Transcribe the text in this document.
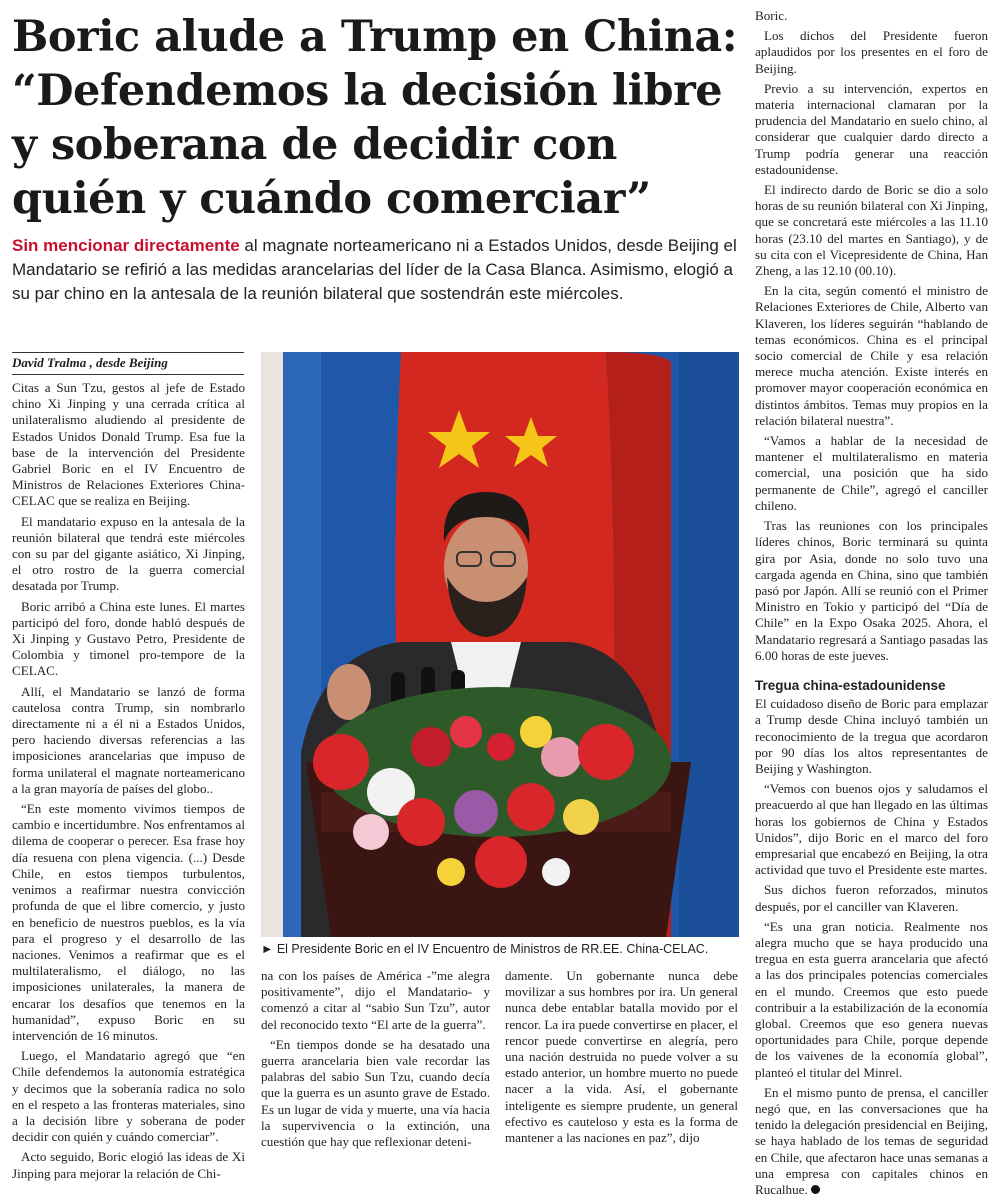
Boric alude a Trump en China: “Defendemos la decisión libre y soberana de decidir con quién y cuándo comerciar”

Sin mencionar directamente al magnate norteamericano ni a Estados Unidos, desde Beijing el Mandatario se refirió a las medidas arancelarias del líder de la Casa Blanca. Asimismo, elogió a su par chino en la antesala de la reunión bilateral que sostendrán este miércoles.

David Tralma , desde Beijing

Citas a Sun Tzu, gestos al jefe de Estado chino Xi Jinping y una cerrada crítica al unilateralismo aludiendo al presidente de Estados Unidos Donald Trump. Esa fue la base de la intervención del Presidente Gabriel Boric en el IV Encuentro de Ministros de Relaciones Exteriores China-CELAC que se realiza en Beijing.

El mandatario expuso en la antesala de la reunión bilateral que tendrá este miércoles con su par del gigante asiático, Xi Jinping, el otro rostro de la guerra comercial desatada por Trump.

Boric arribó a China este lunes. El martes participó del foro, donde habló después de Xi Jinping y Gustavo Petro, Presidente de Colombia y timonel pro-tempore de la CELAC.

Allí, el Mandatario se lanzó de forma cautelosa contra Trump, sin nombrarlo directamente ni a él ni a Estados Unidos, pero haciendo diversas referencias a las imposiciones arancelarias que impuso de forma unilateral el magnate norteamericano a la gran mayoría de países del globo..

“En este momento vivimos tiempos de cambio e incertidumbre. Nos enfrentamos al dilema de cooperar o perecer. Esa frase hoy día resuena con plena vigencia. (...) Desde Chile, en estos tiempos turbulentos, venimos a reafirmar nuestra convicción profunda de que el libre comercio, y justo en beneficio de nuestros pueblos, es la vía para el progreso y el desarrollo de las naciones. Venimos a reafirmar que es el multilateralismo, el diálogo, no las imposiciones unilaterales, la manera de encarar los desafíos que tenemos en la humanidad”, expuso Boric en su intervención de 16 minutos.

Luego, el Mandatario agregó que “en Chile defendemos la autonomía estratégica y decimos que la soberanía radica no solo en el respeto a las fronteras materiales, sino a la decisión libre y soberana de poder decidir con quién y cuándo comerciar”.

Acto seguido, Boric elogió las ideas de Xi Jinping para mejorar la relación de Chi-

► El Presidente Boric en el IV Encuentro de Ministros de RR.EE. China-CELAC.

na con los países de América -”me alegra positivamente”, dijo el Mandatario- y comenzó a citar al “sabio Sun Tzu”, autor del reconocido texto “El arte de la guerra”.

“En tiempos donde se ha desatado una guerra arancelaria bien vale recordar las palabras del sabio Sun Tzu, cuando decía que la guerra es un asunto grave de Estado. Es un lugar de vida y muerte, una vía hacia la supervivencia o la extinción, una cuestión que hay que reflexionar deteni-

damente. Un gobernante nunca debe movilizar a sus hombres por ira. Un general nunca debe entablar batalla movido por el rencor. La ira puede convertirse en placer, el rencor puede convertirse en alegría, pero una nación destruida no puede volver a su estado anterior, un hombre muerto no puede nacer a la vida. Así, el gobernante inteligente es siempre prudente, un general efectivo es cauteloso y esta es la forma de mantener a las naciones en paz”, dijo

Boric.

Los dichos del Presidente fueron aplaudidos por los presentes en el foro de Beijing.

Previo a su intervención, expertos en materia internacional clamaran por la prudencia del Mandatario en suelo chino, al considerar que cualquier dardo directo a Trump podría generar una reacción estadounidense.

El indirecto dardo de Boric se dio a solo horas de su reunión bilateral con Xi Jinping, que se concretará este miércoles a las 11.10 horas (23.10 del martes en Santiago), y de su cita con el Vicepresidente de China, Han Zheng, a las 12.10 (00.10).

En la cita, según comentó el ministro de Relaciones Exteriores de Chile, Alberto van Klaveren, los líderes seguirán “hablando de temas económicos. China es el principal socio comercial de Chile y esa relación merece mucha atención. Existe interés en promover mayor cooperación económica en distintos ámbitos. Temas muy propios en la relación bilateral nuestra”.

“Vamos a hablar de la necesidad de mantener el multilateralismo en materia comercial, una posición que ha sido permanente de Chile”, agregó el canciller chileno.

Tras las reuniones con los principales líderes chinos, Boric terminará su quinta gira por Asia, donde no solo tuvo una cargada agenda en China, sino que también pasó por Japón. Allí se reunió con el Primer Ministro en Tokio y participó del “Día de Chile” en la Expo Osaka 2025. Ahora, el Mandatario regresará a Santiago pasadas las 6.00 horas de este jueves.

Tregua china-estadounidense

El cuidadoso diseño de Boric para emplazar a Trump desde China incluyó también un reconocimiento de la tregua que acordaron por 90 días los altos representantes de Beijing y Washington.

“Vemos con buenos ojos y saludamos el preacuerdo al que han llegado en las últimas horas los gobiernos de China y Estados Unidos”, dijo Boric en el marco del foro empresarial que encabezó en Beijing, la otra actividad que tuvo el Presidente este martes.

Sus dichos fueron reforzados, minutos después, por el canciller van Klaveren.

“Es una gran noticia. Realmente nos alegra mucho que se haya producido una tregua en esta guerra arancelaria que afectó a las dos principales potencias comerciales en el mundo. Creemos que esto puede contribuir a la estabilización de la economía global. Creemos que eso genera nuevas oportunidades para Chile, porque depende de los vaivenes de la economía global”, planteó el titular del Minrel.

En el mismo punto de prensa, el canciller negó que, en las conversaciones que ha tenido la delegación presidencial en Beijing, se haya hablado de los temas de seguridad en Chile, que afectaron hace unas semanas a una empresa con capitales chinos en Rucalhue.
